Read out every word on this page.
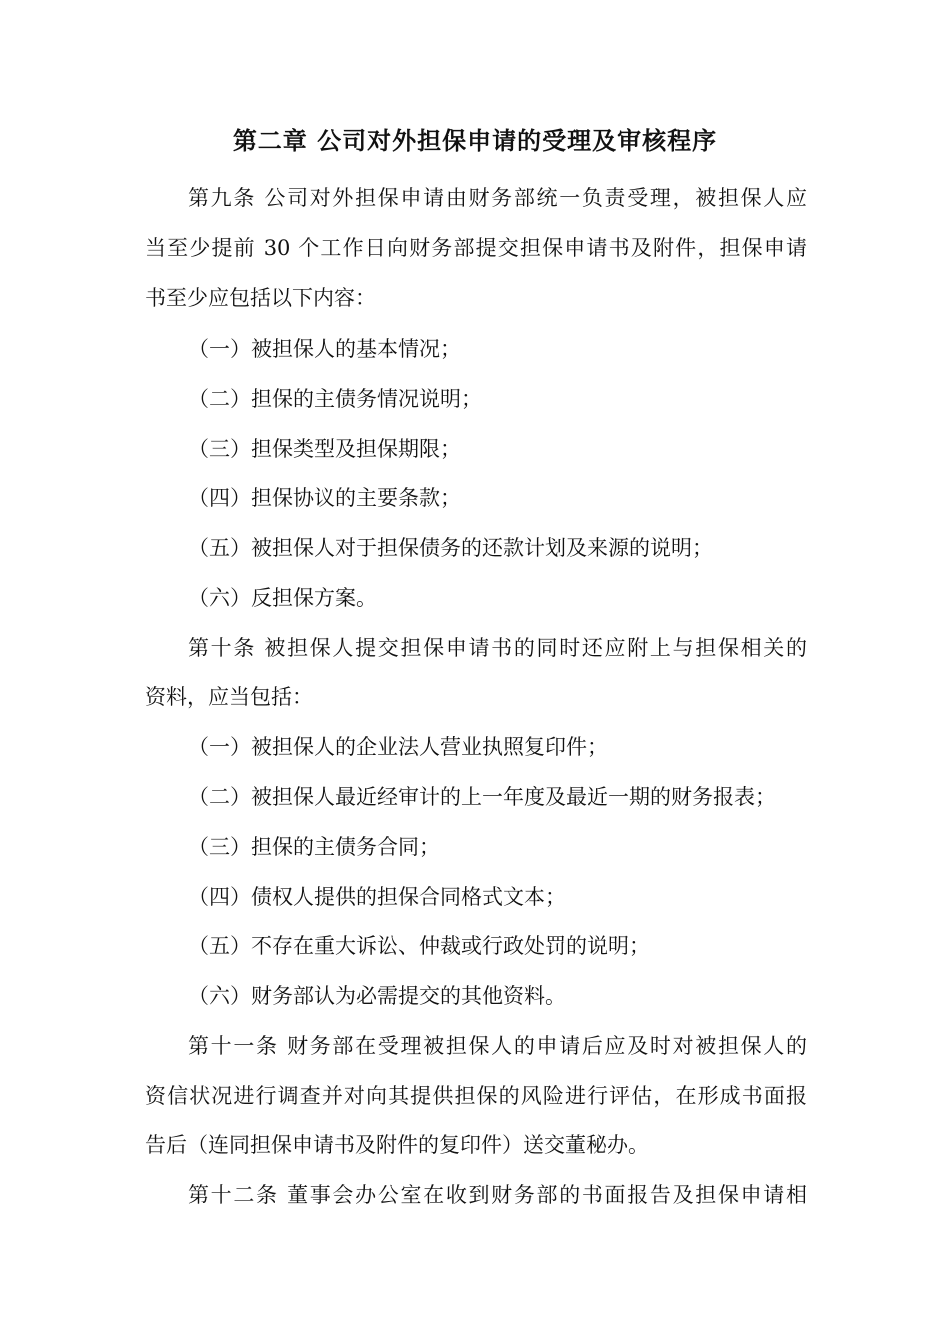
第二章 公司对外担保申请的受理及审核程序
第九条 公司对外担保申请由财务部统一负责受理，被担保人应
当至少提前 30 个工作日向财务部提交担保申请书及附件，担保申请
书至少应包括以下内容：
（一）被担保人的基本情况；
（二）担保的主债务情况说明；
（三）担保类型及担保期限；
（四）担保协议的主要条款；
（五）被担保人对于担保债务的还款计划及来源的说明；
（六）反担保方案。
第十条 被担保人提交担保申请书的同时还应附上与担保相关的
资料，应当包括：
（一）被担保人的企业法人营业执照复印件；
（二）被担保人最近经审计的上一年度及最近一期的财务报表；
（三）担保的主债务合同；
（四）债权人提供的担保合同格式文本；
（五）不存在重大诉讼、仲裁或行政处罚的说明；
（六）财务部认为必需提交的其他资料。
第十一条 财务部在受理被担保人的申请后应及时对被担保人的
资信状况进行调查并对向其提供担保的风险进行评估，在形成书面报
告后（连同担保申请书及附件的复印件）送交董秘办。
第十二条 董事会办公室在收到财务部的书面报告及担保申请相
